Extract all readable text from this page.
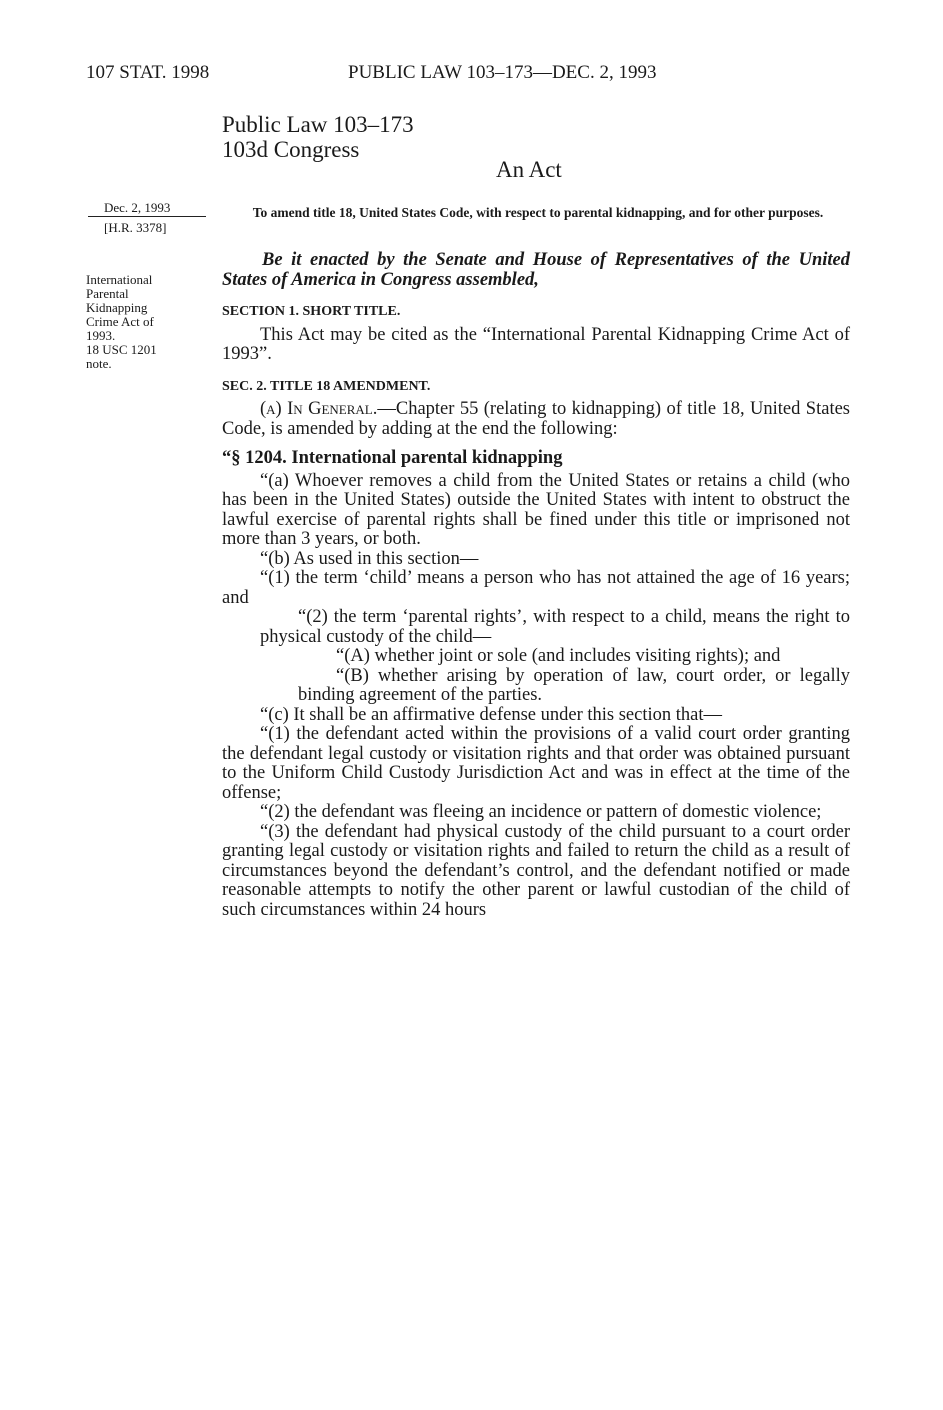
107 STAT. 1998	PUBLIC LAW 103–173—DEC. 2, 1993
Public Law 103–173
103d Congress
An Act
Dec. 2, 1993
[H.R. 3378]
International
Parental
Kidnapping
Crime Act of
1993.
18 USC 1201
note.
To amend title 18, United States Code, with respect to parental kidnapping, and for other purposes.

Be it enacted by the Senate and House of Representatives of the United States of America in Congress assembled,

SECTION 1. SHORT TITLE.

This Act may be cited as the “International Parental Kidnapping Crime Act of 1993”.

SEC. 2. TITLE 18 AMENDMENT.

(a) In General.—Chapter 55 (relating to kidnapping) of title 18, United States Code, is amended by adding at the end the following:

“§ 1204. International parental kidnapping

“(a) Whoever removes a child from the United States or retains a child (who has been in the United States) outside the United States with intent to obstruct the lawful exercise of parental rights shall be fined under this title or imprisoned not more than 3 years, or both.

“(b) As used in this section—

“(1) the term ‘child’ means a person who has not attained the age of 16 years; and

“(2) the term ‘parental rights’, with respect to a child, means the right to physical custody of the child—

“(A) whether joint or sole (and includes visiting rights); and

“(B) whether arising by operation of law, court order, or legally binding agreement of the parties.

“(c) It shall be an affirmative defense under this section that—

“(1) the defendant acted within the provisions of a valid court order granting the defendant legal custody or visitation rights and that order was obtained pursuant to the Uniform Child Custody Jurisdiction Act and was in effect at the time of the offense;

“(2) the defendant was fleeing an incidence or pattern of domestic violence;

“(3) the defendant had physical custody of the child pursuant to a court order granting legal custody or visitation rights and failed to return the child as a result of circumstances beyond the defendant’s control, and the defendant notified or made reasonable attempts to notify the other parent or lawful custodian of the child of such circumstances within 24 hours
